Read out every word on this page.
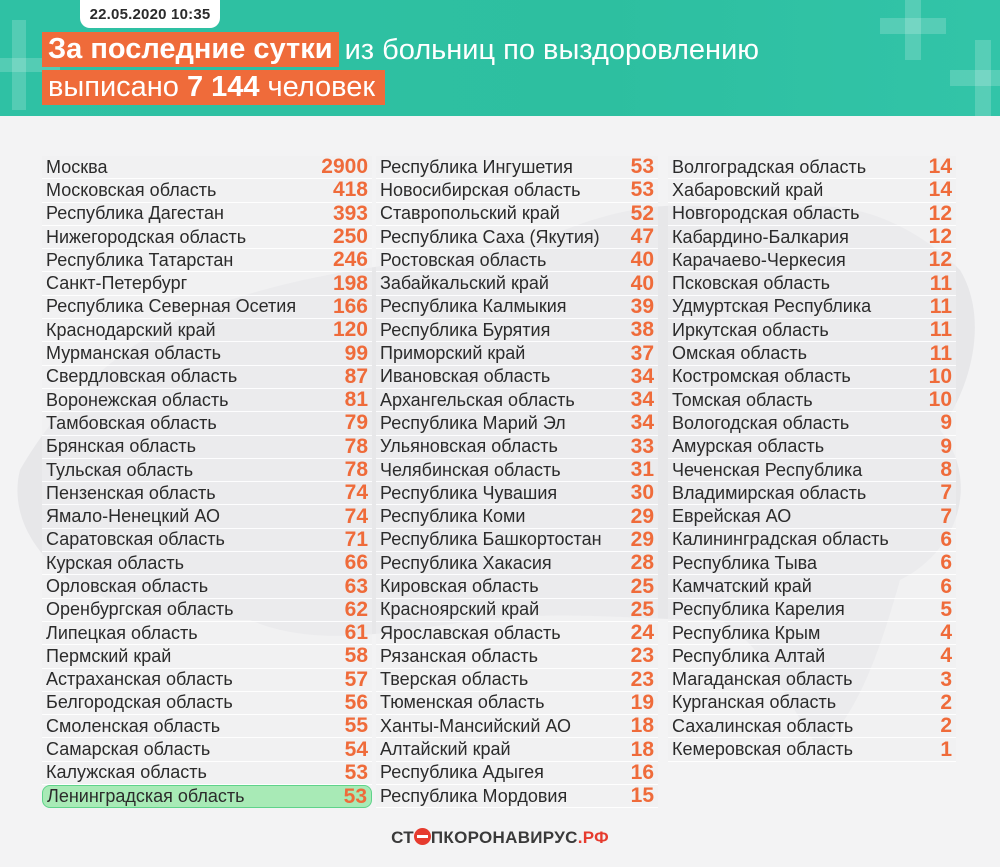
22.05.2020 10:35
За последние сутки из больниц по выздоровлению
выписано 7 144 человек
Москва	2900
Московская область	418
Республика Дагестан	393
Нижегородская область	250
Республика Татарстан	246
Санкт-Петербург	198
Республика Северная Осетия 166
Краснодарский край	120
Мурманская область	99
Свердловская область	87
Воронежская область	81
Тамбовская область	79
Брянская область	78
Тульская область	78
Пензенская область	74
Ямало-Ненецкий АО	74
Саратовская область	71
Курская область	66
Орловская область	63
Оренбургская область	62
Липецкая область	61
Пермский край	58
Астраханская область	57
Белгородская область	56
Смоленская область	55
Самарская область	54
Калужская область	53
Ленинградская область	53
Республика Ингушетия	53
Новосибирская область 53
Ставропольский край	52
Республика Саха (Якутия) 47
Ростовская область	40
Забайкальский край	40
Республика Калмыкия	39
Республика Бурятия	38
Приморский край	37
Ивановская область	34
Архангельская область	34
Республика Марий Эл	34
Ульяновская область	33
Челябинская область	31
Республика Чувашия	30
Республика Коми	29
Республика Башкортостан 29
Республика Хакасия	28
Кировская область	25
Красноярский край	25
Ярославская область	24
Рязанская область	23
Тверская область	23
Тюменская область	19
Ханты-Мансийский АО	18
Алтайский край	18
Республика Адыгея	16
Республика Мордовия	15
Волгоградская область	14
Хабаровский край	14
Новгородская область	12
Кабардино-Балкария	12
Карачаево-Черкесия	12
Псковская область	11
Удмуртская Республика	11
Иркутская область	11
Омская область	11
Костромская область	10
Томская область	10
Вологодская область	9
Амурская область	9
Чеченская Республика	8
Владимирская область	7
Еврейская АО	7
Калининградская область 6
Республика Тыва	6
Камчатский край	6
Республика Карелия	5
Республика Крым	4
Республика Алтай	4
Магаданская область	3
Курганская область	2
Сахалинская область	2
Кемеровская область	1
СТ ПКОРОНАВИРУС.РФ
